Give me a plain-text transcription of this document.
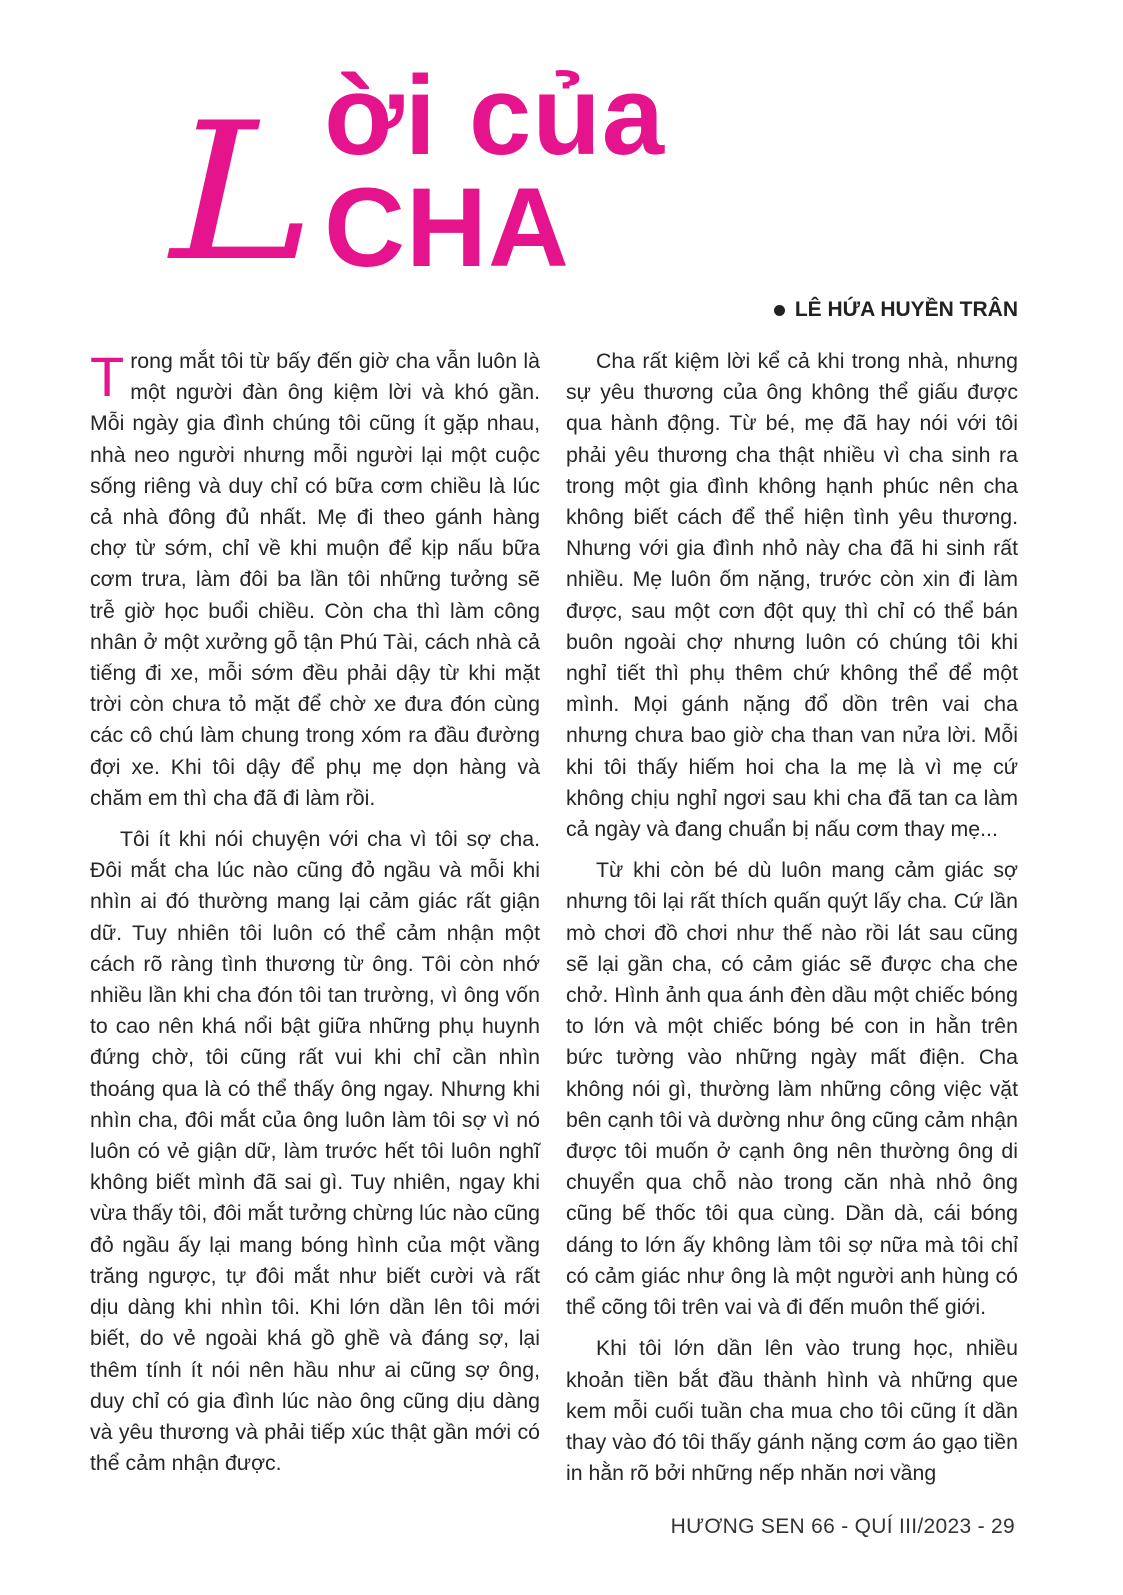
L ời của CHA
LÊ HỨA HUYỀN TRÂN

Trong mắt tôi từ bấy đến giờ cha vẫn luôn là một người đàn ông kiệm lời và khó gần. Mỗi ngày gia đình chúng tôi cũng ít gặp nhau, nhà neo người nhưng mỗi người lại một cuộc sống riêng và duy chỉ có bữa cơm chiều là lúc cả nhà đông đủ nhất. Mẹ đi theo gánh hàng chợ từ sớm, chỉ về khi muộn để kịp nấu bữa cơm trưa, làm đôi ba lần tôi những tưởng sẽ trễ giờ học buổi chiều. Còn cha thì làm công nhân ở một xưởng gỗ tận Phú Tài, cách nhà cả tiếng đi xe, mỗi sớm đều phải dậy từ khi mặt trời còn chưa tỏ mặt để chờ xe đưa đón cùng các cô chú làm chung trong xóm ra đầu đường đợi xe. Khi tôi dậy để phụ mẹ dọn hàng và chăm em thì cha đã đi làm rồi.

Tôi ít khi nói chuyện với cha vì tôi sợ cha. Đôi mắt cha lúc nào cũng đỏ ngầu và mỗi khi nhìn ai đó thường mang lại cảm giác rất giận dữ. Tuy nhiên tôi luôn có thể cảm nhận một cách rõ ràng tình thương từ ông. Tôi còn nhớ nhiều lần khi cha đón tôi tan trường, vì ông vốn to cao nên khá nổi bật giữa những phụ huynh đứng chờ, tôi cũng rất vui khi chỉ cần nhìn thoáng qua là có thể thấy ông ngay. Nhưng khi nhìn cha, đôi mắt của ông luôn làm tôi sợ vì nó luôn có vẻ giận dữ, làm trước hết tôi luôn nghĩ không biết mình đã sai gì. Tuy nhiên, ngay khi vừa thấy tôi, đôi mắt tưởng chừng lúc nào cũng đỏ ngầu ấy lại mang bóng hình của một vầng trăng ngược, tự đôi mắt như biết cười và rất dịu dàng khi nhìn tôi. Khi lớn dần lên tôi mới biết, do vẻ ngoài khá gồ ghề và đáng sợ, lại thêm tính ít nói nên hầu như ai cũng sợ ông, duy chỉ có gia đình lúc nào ông cũng dịu dàng và yêu thương và phải tiếp xúc thật gần mới có thể cảm nhận được.

Cha rất kiệm lời kể cả khi trong nhà, nhưng sự yêu thương của ông không thể giấu được qua hành động. Từ bé, mẹ đã hay nói với tôi phải yêu thương cha thật nhiều vì cha sinh ra trong một gia đình không hạnh phúc nên cha không biết cách để thể hiện tình yêu thương. Nhưng với gia đình nhỏ này cha đã hi sinh rất nhiều. Mẹ luôn ốm nặng, trước còn xin đi làm được, sau một cơn đột quỵ thì chỉ có thể bán buôn ngoài chợ nhưng luôn có chúng tôi khi nghỉ tiết thì phụ thêm chứ không thể để một mình. Mọi gánh nặng đổ dồn trên vai cha nhưng chưa bao giờ cha than van nửa lời. Mỗi khi tôi thấy hiếm hoi cha la mẹ là vì mẹ cứ không chịu nghỉ ngơi sau khi cha đã tan ca làm cả ngày và đang chuẩn bị nấu cơm thay mẹ...

Từ khi còn bé dù luôn mang cảm giác sợ nhưng tôi lại rất thích quấn quýt lấy cha. Cứ lần mò chơi đồ chơi như thế nào rồi lát sau cũng sẽ lại gần cha, có cảm giác sẽ được cha che chở. Hình ảnh qua ánh đèn dầu một chiếc bóng to lớn và một chiếc bóng bé con in hằn trên bức tường vào những ngày mất điện. Cha không nói gì, thường làm những công việc vặt bên cạnh tôi và dường như ông cũng cảm nhận được tôi muốn ở cạnh ông nên thường ông di chuyển qua chỗ nào trong căn nhà nhỏ ông cũng bế thốc tôi qua cùng. Dần dà, cái bóng dáng to lớn ấy không làm tôi sợ nữa mà tôi chỉ có cảm giác như ông là một người anh hùng có thể cõng tôi trên vai và đi đến muôn thế giới.

Khi tôi lớn dần lên vào trung học, nhiều khoản tiền bắt đầu thành hình và những que kem mỗi cuối tuần cha mua cho tôi cũng ít dần thay vào đó tôi thấy gánh nặng cơm áo gạo tiền in hằn rõ bởi những nếp nhăn nơi vầng

HƯƠNG SEN 66 - QUÍ III/2023 - 29
